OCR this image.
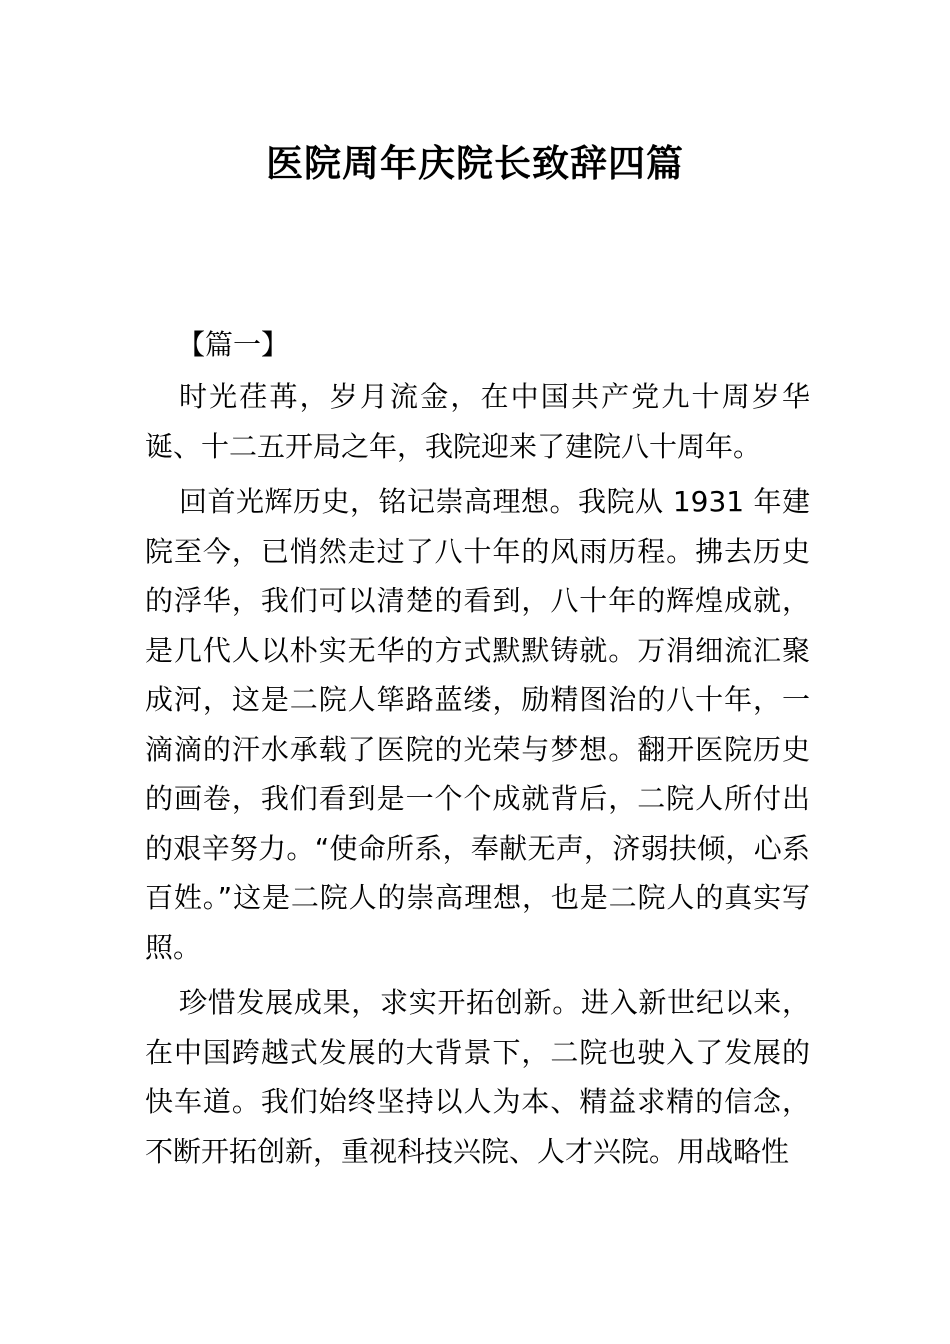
医院周年庆院长致辞四篇

【篇一】

时光荏苒，岁月流金，在中国共产党九十周岁华诞、十二五开局之年，我院迎来了建院八十周年。

回首光辉历史，铭记崇高理想。我院从 1931 年建院至今，已悄然走过了八十年的风雨历程。拂去历史的浮华，我们可以清楚的看到，八十年的辉煌成就，是几代人以朴实无华的方式默默铸就。万涓细流汇聚成河，这是二院人筚路蓝缕，励精图治的八十年，一滴滴的汗水承载了医院的光荣与梦想。翻开医院历史的画卷，我们看到是一个个成就背后，二院人所付出的艰辛努力。“使命所系，奉献无声，济弱扶倾，心系百姓。”这是二院人的崇高理想，也是二院人的真实写照。

珍惜发展成果，求实开拓创新。进入新世纪以来，在中国跨越式发展的大背景下，二院也驶入了发展的快车道。我们始终坚持以人为本、精益求精的信念，不断开拓创新，重视科技兴院、人才兴院。用战略性
